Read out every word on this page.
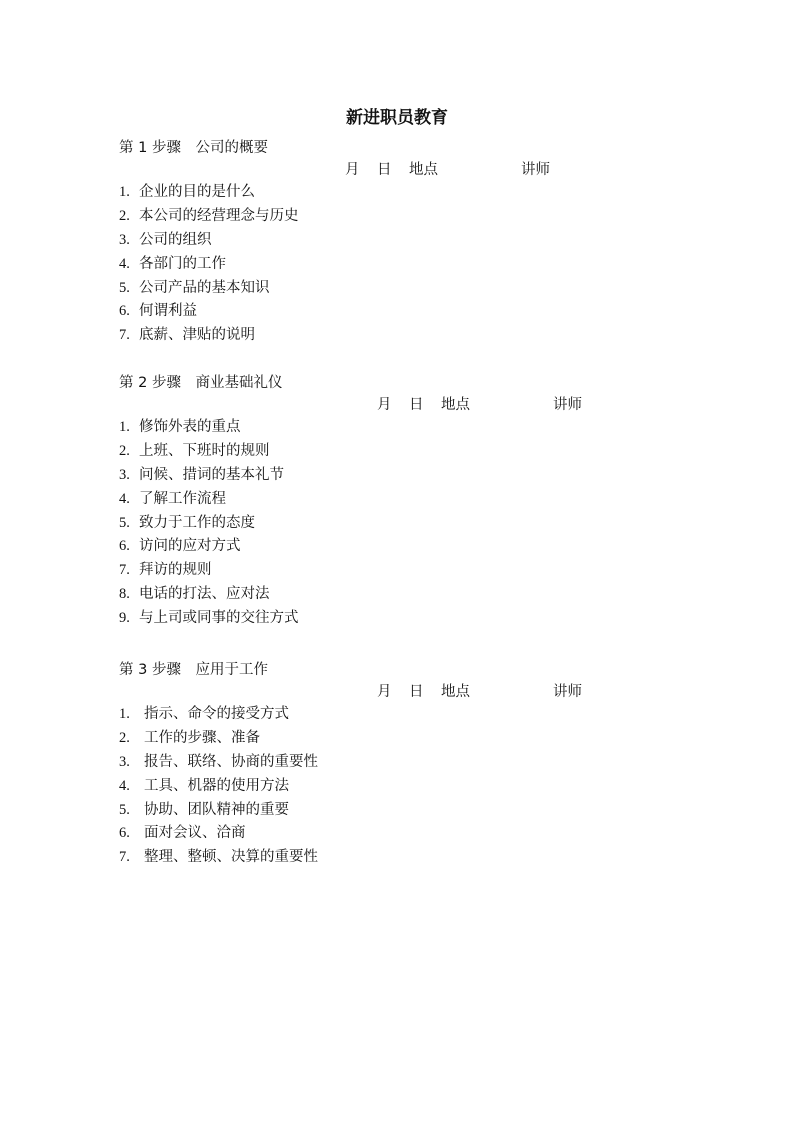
新进职员教育
第 1 步骤　公司的概要
月 日 地点	讲师
1. 企业的目的是什么
2. 本公司的经营理念与历史
3. 公司的组织
4. 各部门的工作
5. 公司产品的基本知识
6. 何谓利益
7. 底薪、津贴的说明
第 2 步骤　商业基础礼仪
月 日 地点	讲师
1. 修饰外表的重点
2. 上班、下班时的规则
3. 问候、措词的基本礼节
4. 了解工作流程
5. 致力于工作的态度
6. 访问的应对方式
7. 拜访的规则
8. 电话的打法、应对法
9. 与上司或同事的交往方式
第 3 步骤　应用于工作
月 日 地点	讲师
1. 指示、命令的接受方式
2. 工作的步骤、准备
3. 报告、联络、协商的重要性
4. 工具、机器的使用方法
5. 协助、团队精神的重要
6. 面对会议、洽商
7. 整理、整顿、决算的重要性
